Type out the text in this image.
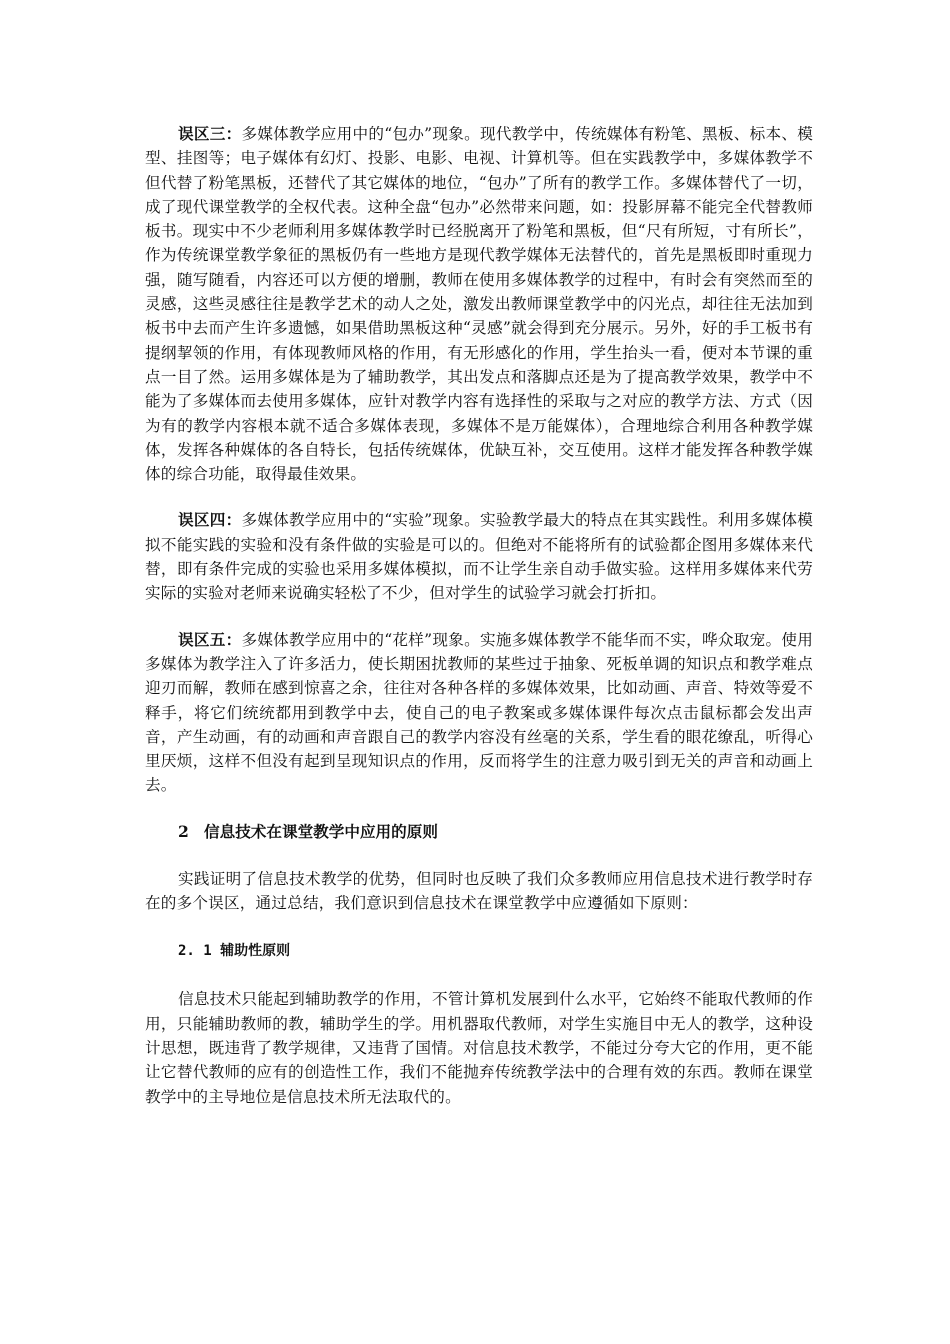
误区三：多媒体教学应用中的“包办”现象。现代教学中，传统媒体有粉笔、黑板、标本、模型、挂图等；电子媒体有幻灯、投影、电影、电视、计算机等。但在实践教学中，多媒体教学不但代替了粉笔黑板，还替代了其它媒体的地位，“包办”了所有的教学工作。多媒体替代了一切，成了现代课堂教学的全权代表。这种全盘“包办”必然带来问题，如：投影屏幕不能完全代替教师板书。现实中不少老师利用多媒体教学时已经脱离开了粉笔和黑板，但“尺有所短，寸有所长”，作为传统课堂教学象征的黑板仍有一些地方是现代教学媒体无法替代的，首先是黑板即时重现力强，随写随看，内容还可以方便的增删，教师在使用多媒体教学的过程中，有时会有突然而至的灵感，这些灵感往往是教学艺术的动人之处，激发出教师课堂教学中的闪光点，却往往无法加到板书中去而产生许多遗憾，如果借助黑板这种“灵感”就会得到充分展示。另外，好的手工板书有提纲挈领的作用，有体现教师风格的作用，有无形感化的作用，学生抬头一看，便对本节课的重点一目了然。运用多媒体是为了辅助教学，其出发点和落脚点还是为了提高教学效果，教学中不能为了多媒体而去使用多媒体，应针对教学内容有选择性的采取与之对应的教学方法、方式（因为有的教学内容根本就不适合多媒体表现，多媒体不是万能媒体），合理地综合利用各种教学媒体，发挥各种媒体的各自特长，包括传统媒体，优缺互补，交互使用。这样才能发挥各种教学媒体的综合功能，取得最佳效果。

误区四：多媒体教学应用中的“实验”现象。实验教学最大的特点在其实践性。利用多媒体模拟不能实践的实验和没有条件做的实验是可以的。但绝对不能将所有的试验都企图用多媒体来代替，即有条件完成的实验也采用多媒体模拟，而不让学生亲自动手做实验。这样用多媒体来代劳实际的实验对老师来说确实轻松了不少，但对学生的试验学习就会打折扣。

误区五：多媒体教学应用中的“花样”现象。实施多媒体教学不能华而不实，哗众取宠。使用多媒体为教学注入了许多活力，使长期困扰教师的某些过于抽象、死板单调的知识点和教学难点迎刃而解，教师在感到惊喜之余，往往对各种各样的多媒体效果，比如动画、声音、特效等爱不释手，将它们统统都用到教学中去，使自己的电子教案或多媒体课件每次点击鼠标都会发出声音，产生动画，有的动画和声音跟自己的教学内容没有丝毫的关系，学生看的眼花缭乱，听得心里厌烦，这样不但没有起到呈现知识点的作用，反而将学生的注意力吸引到无关的声音和动画上去。

2 信息技术在课堂教学中应用的原则

实践证明了信息技术教学的优势，但同时也反映了我们众多教师应用信息技术进行教学时存在的多个误区，通过总结，我们意识到信息技术在课堂教学中应遵循如下原则：

2. 1 辅助性原则

信息技术只能起到辅助教学的作用，不管计算机发展到什么水平，它始终不能取代教师的作用，只能辅助教师的教，辅助学生的学。用机器取代教师，对学生实施目中无人的教学，这种设计思想，既违背了教学规律，又违背了国情。对信息技术教学，不能过分夸大它的作用，更不能让它替代教师的应有的创造性工作，我们不能抛弃传统教学法中的合理有效的东西。教师在课堂教学中的主导地位是信息技术所无法取代的。
